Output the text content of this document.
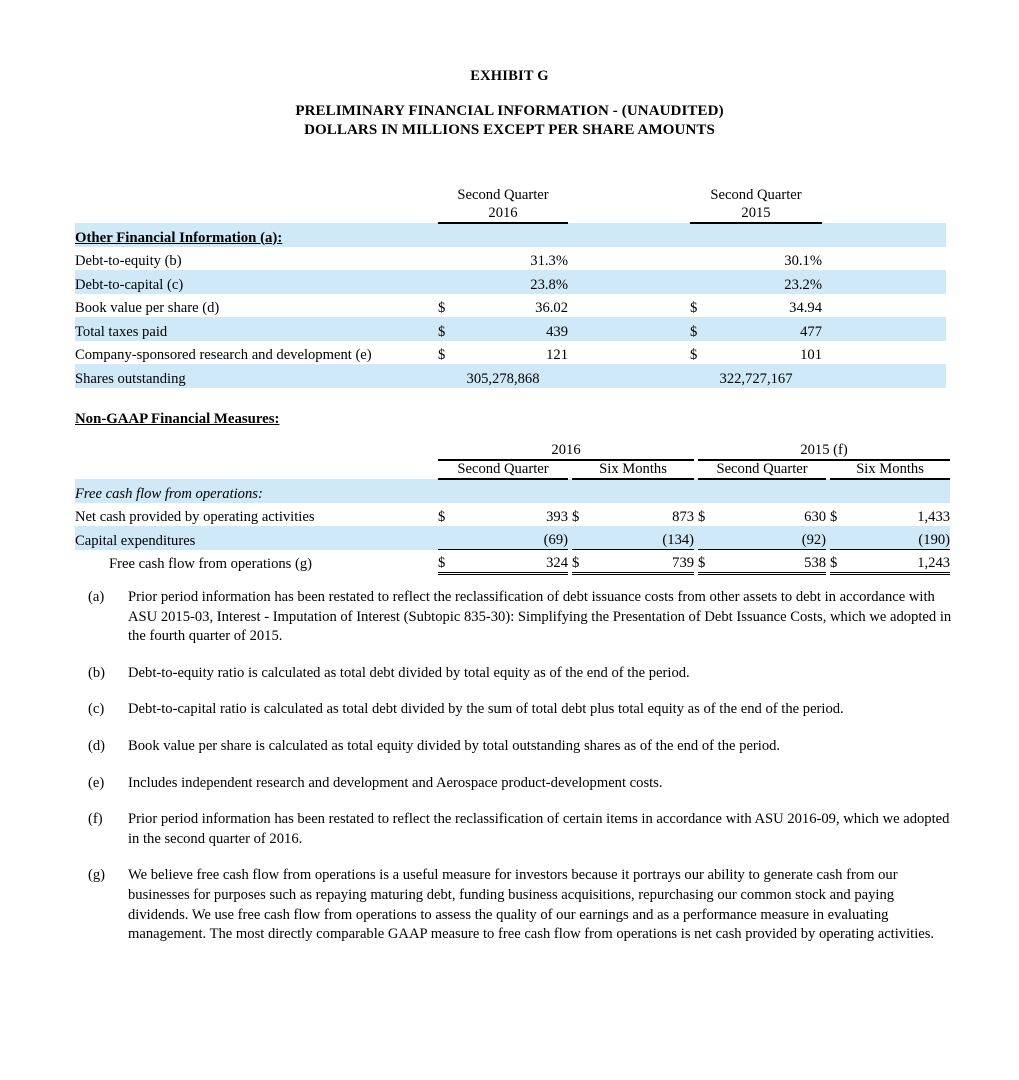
EXHIBIT G
PRELIMINARY FINANCIAL INFORMATION - (UNAUDITED)
DOLLARS IN MILLIONS EXCEPT PER SHARE AMOUNTS

Second Quarter
2016

Second Quarter
2015

Other Financial Information (a):						
Debt-to-equity (b)		31.3%			30.1%	
Debt-to-capital (c)		23.8%			23.2%	
Book value per share (d)	$	36.02		$	34.94	
Total taxes paid	$	439		$	477	
Company-sponsored research and development (e)	$	121		$	101	
Shares outstanding	305,278,868			322,727,167		
Non-GAAP Financial Measures:
	2016						2015 (f)				
	Second Quarter			Six Months			Second Quarter			Six Months	
Free cash flow from operations:											
Net cash provided by operating activities	$	393		$	873		$	630		$	1,433
Capital expenditures		(69)			(134)			(92)			(190)
Free cash flow from operations (g)	$	324		$	739		$	538		$	1,243
(a)	Prior period information has been restated to reflect the reclassification of debt issuance costs from other assets to debt in accordance with ASU 2015-03, Interest - Imputation of Interest (Subtopic 835-30): Simplifying the Presentation of Debt Issuance Costs, which we adopted in the fourth quarter of 2015.
(b)	Debt-to-equity ratio is calculated as total debt divided by total equity as of the end of the period.
(c)	Debt-to-capital ratio is calculated as total debt divided by the sum of total debt plus total equity as of the end of the period.
(d)	Book value per share is calculated as total equity divided by total outstanding shares as of the end of the period.
(e)	Includes independent research and development and Aerospace product-development costs.
(f)	Prior period information has been restated to reflect the reclassification of certain items in accordance with ASU 2016-09, which we adopted in the second quarter of 2016.
(g)	We believe free cash flow from operations is a useful measure for investors because it portrays our ability to generate cash from our businesses for purposes such as repaying maturing debt, funding business acquisitions, repurchasing our common stock and paying dividends. We use free cash flow from operations to assess the quality of our earnings and as a performance measure in evaluating management. The most directly comparable GAAP measure to free cash flow from operations is net cash provided by operating activities.
